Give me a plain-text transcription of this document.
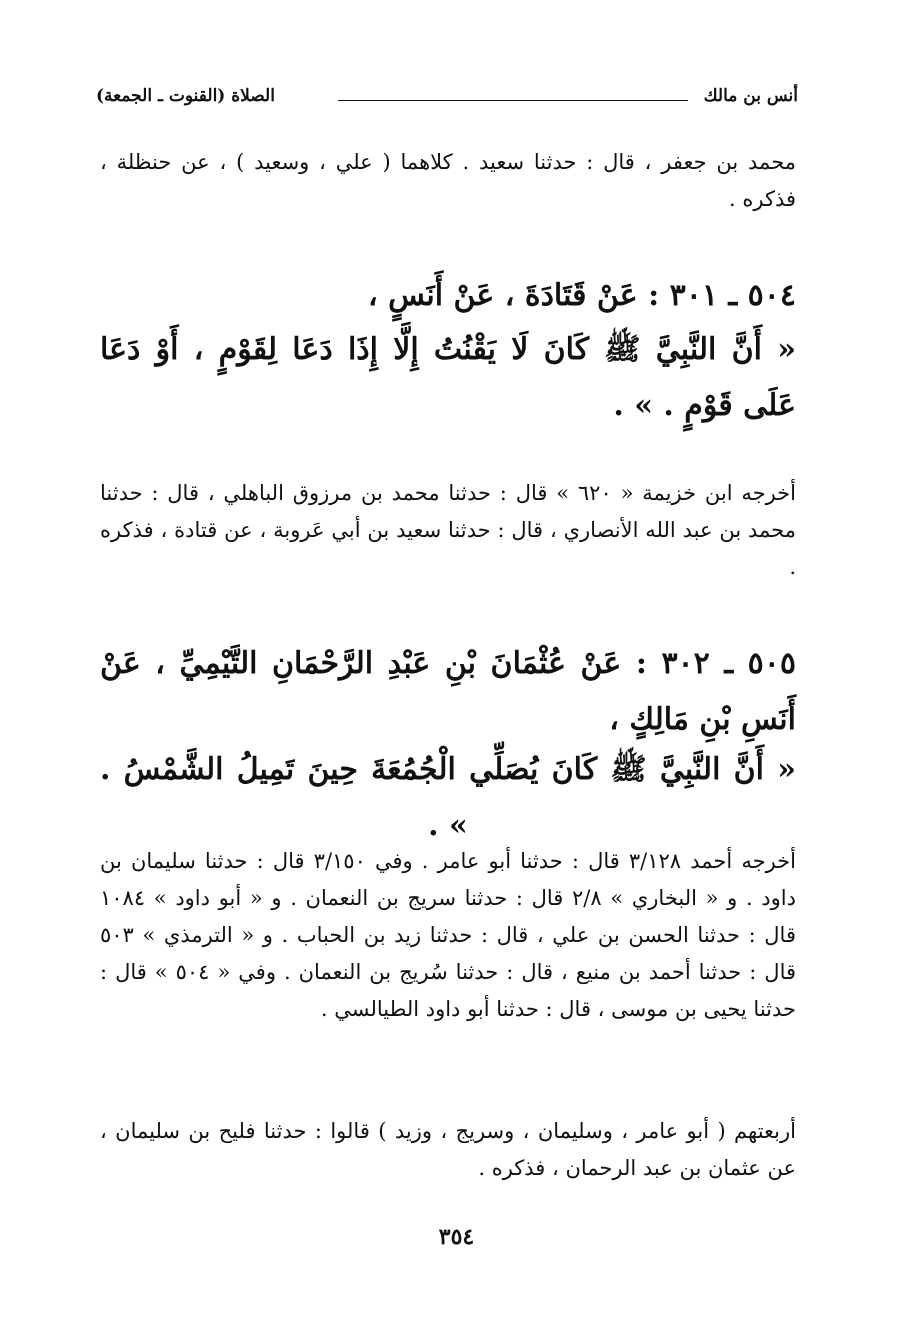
أنس بن مالك
الصلاة (القنوت ـ الجمعة)

محمد بن جعفر ، قال : حدثنا سعيد . كلاهما ( علي ، وسعيد ) ، عن حنظلة ، فذكره .

٥٠٤ ـ ٣٠١ : عَنْ قَتَادَةَ ، عَنْ أَنَسٍ ،

« أَنَّ النَّبِيَّ ﷺ كَانَ لَا يَقْنُتُ إِلَّا إِذَا دَعَا لِقَوْمٍ ، أَوْ دَعَا عَلَى قَوْمٍ . » .

أخرجه ابن خزيمة « ٦٢٠ » قال : حدثنا محمد بن مرزوق الباهلي ، قال : حدثنا محمد بن عبد الله الأنصاري ، قال : حدثنا سعيد بن أبي عَروبة ، عن قتادة ، فذكره .

٥٠٥ ـ ٣٠٢ : عَنْ عُثْمَانَ بْنِ عَبْدِ الرَّحْمَانِ التَّيْمِيِّ ، عَنْ أَنَسِ بْنِ مَالِكٍ ،

« أَنَّ النَّبِيَّ ﷺ كَانَ يُصَلِّي الْجُمُعَةَ حِينَ تَمِيلُ الشَّمْسُ . » .

أخرجه أحمد ٣/١٢٨ قال : حدثنا أبو عامر . وفي ٣/١٥٠ قال : حدثنا سليمان بن داود . و « البخاري » ٢/٨ قال : حدثنا سريج بن النعمان . و « أبو داود » ١٠٨٤ قال : حدثنا الحسن بن علي ، قال : حدثنا زيد بن الحباب . و « الترمذي » ٥٠٣ قال : حدثنا أحمد بن منيع ، قال : حدثنا سُريج بن النعمان . وفي « ٥٠٤ » قال : حدثنا يحيى بن موسى ، قال : حدثنا أبو داود الطيالسي .

أربعتهم ( أبو عامر ، وسليمان ، وسريج ، وزيد ) قالوا : حدثنا فليح بن سليمان ، عن عثمان بن عبد الرحمان ، فذكره .

٣٥٤
